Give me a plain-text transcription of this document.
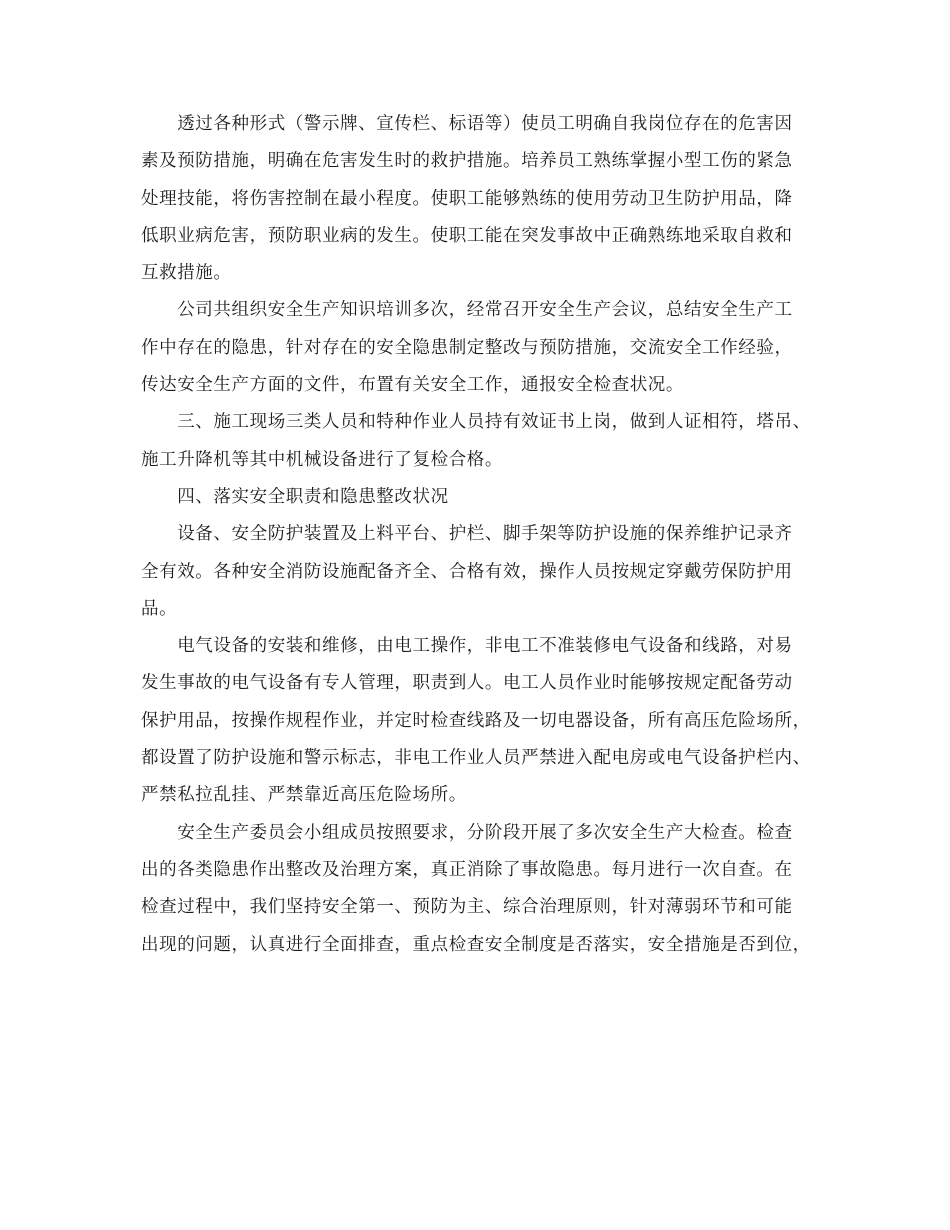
　　透过各种形式（警示牌、宣传栏、标语等）使员工明确自我岗位存在的危害因
素及预防措施，明确在危害发生时的救护措施。培养员工熟练掌握小型工伤的紧急
处理技能，将伤害控制在最小程度。使职工能够熟练的使用劳动卫生防护用品，降
低职业病危害，预防职业病的发生。使职工能在突发事故中正确熟练地采取自救和
互救措施。
　　公司共组织安全生产知识培训多次，经常召开安全生产会议，总结安全生产工
作中存在的隐患，针对存在的安全隐患制定整改与预防措施，交流安全工作经验，
传达安全生产方面的文件，布置有关安全工作，通报安全检查状况。
　　三、施工现场三类人员和特种作业人员持有效证书上岗，做到人证相符，塔吊、
施工升降机等其中机械设备进行了复检合格。
　　四、落实安全职责和隐患整改状况
　　设备、安全防护装置及上料平台、护栏、脚手架等防护设施的保养维护记录齐
全有效。各种安全消防设施配备齐全、合格有效，操作人员按规定穿戴劳保防护用
品。
　　电气设备的安装和维修，由电工操作，非电工不准装修电气设备和线路，对易
发生事故的电气设备有专人管理，职责到人。电工人员作业时能够按规定配备劳动
保护用品，按操作规程作业，并定时检查线路及一切电器设备，所有高压危险场所，
都设置了防护设施和警示标志，非电工作业人员严禁进入配电房或电气设备护栏内、
严禁私拉乱挂、严禁靠近高压危险场所。
　　安全生产委员会小组成员按照要求，分阶段开展了多次安全生产大检查。检查
出的各类隐患作出整改及治理方案，真正消除了事故隐患。每月进行一次自查。在
检查过程中，我们坚持安全第一、预防为主、综合治理原则，针对薄弱环节和可能
出现的问题，认真进行全面排查，重点检查安全制度是否落实，安全措施是否到位，
